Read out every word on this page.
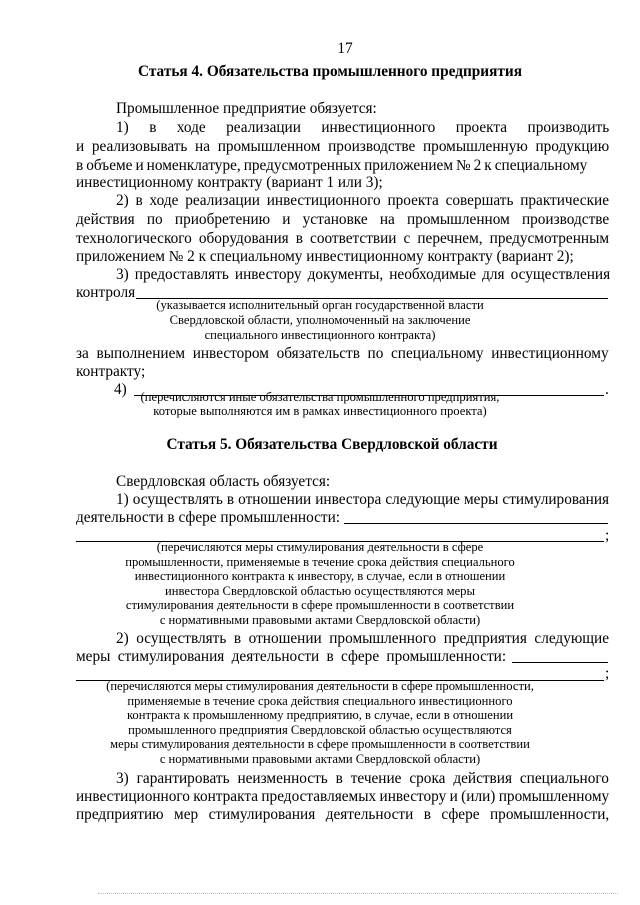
17
Статья 4. Обязательства промышленного предприятия
Промышленное предприятие обязуется:
1) в ходе реализации инвестиционного проекта производить
и реализовывать на промышленном производстве промышленную продукцию
в объеме и номенклатуре, предусмотренных приложением № 2 к специальному
инвестиционному контракту (вариант 1 или 3);
2) в ходе реализации инвестиционного проекта совершать практические
действия по приобретению и установке на промышленном производстве
технологического оборудования в соответствии с перечнем, предусмотренным
приложением № 2 к специальному инвестиционному контракту (вариант 2);
3) предоставлять инвестору документы, необходимые для осуществления
контроля
(указывается исполнительный орган государственной власти
Свердловской области, уполномоченный на заключение
специального инвестиционного контракта)
за выполнением инвестором обязательств по специальному инвестиционному
контракту;
4)	.
(перечисляются иные обязательства промышленного предприятия,
которые выполняются им в рамках инвестиционного проекта)
Статья 5. Обязательства Свердловской области
Свердловская область обязуется:
1) осуществлять в отношении инвестора следующие меры стимулирования
деятельности в сфере промышленности:
;
(перечисляются меры стимулирования деятельности в сфере
промышленности, применяемые в течение срока действия специального
инвестиционного контракта к инвестору, в случае, если в отношении
инвестора Свердловской областью осуществляются меры
стимулирования деятельности в сфере промышленности в соответствии
с нормативными правовыми актами Свердловской области)
2) осуществлять в отношении промышленного предприятия следующие
меры стимулирования деятельности в сфере промышленности:
;
(перечисляются меры стимулирования деятельности в сфере промышленности,
применяемые в течение срока действия специального инвестиционного
контракта к промышленному предприятию, в случае, если в отношении
промышленного предприятия Свердловской областью осуществляются
меры стимулирования деятельности в сфере промышленности в соответствии
с нормативными правовыми актами Свердловской области)
3) гарантировать неизменность в течение срока действия специального
инвестиционного контракта предоставляемых инвестору и (или) промышленному
предприятию мер стимулирования деятельности в сфере промышленности,
